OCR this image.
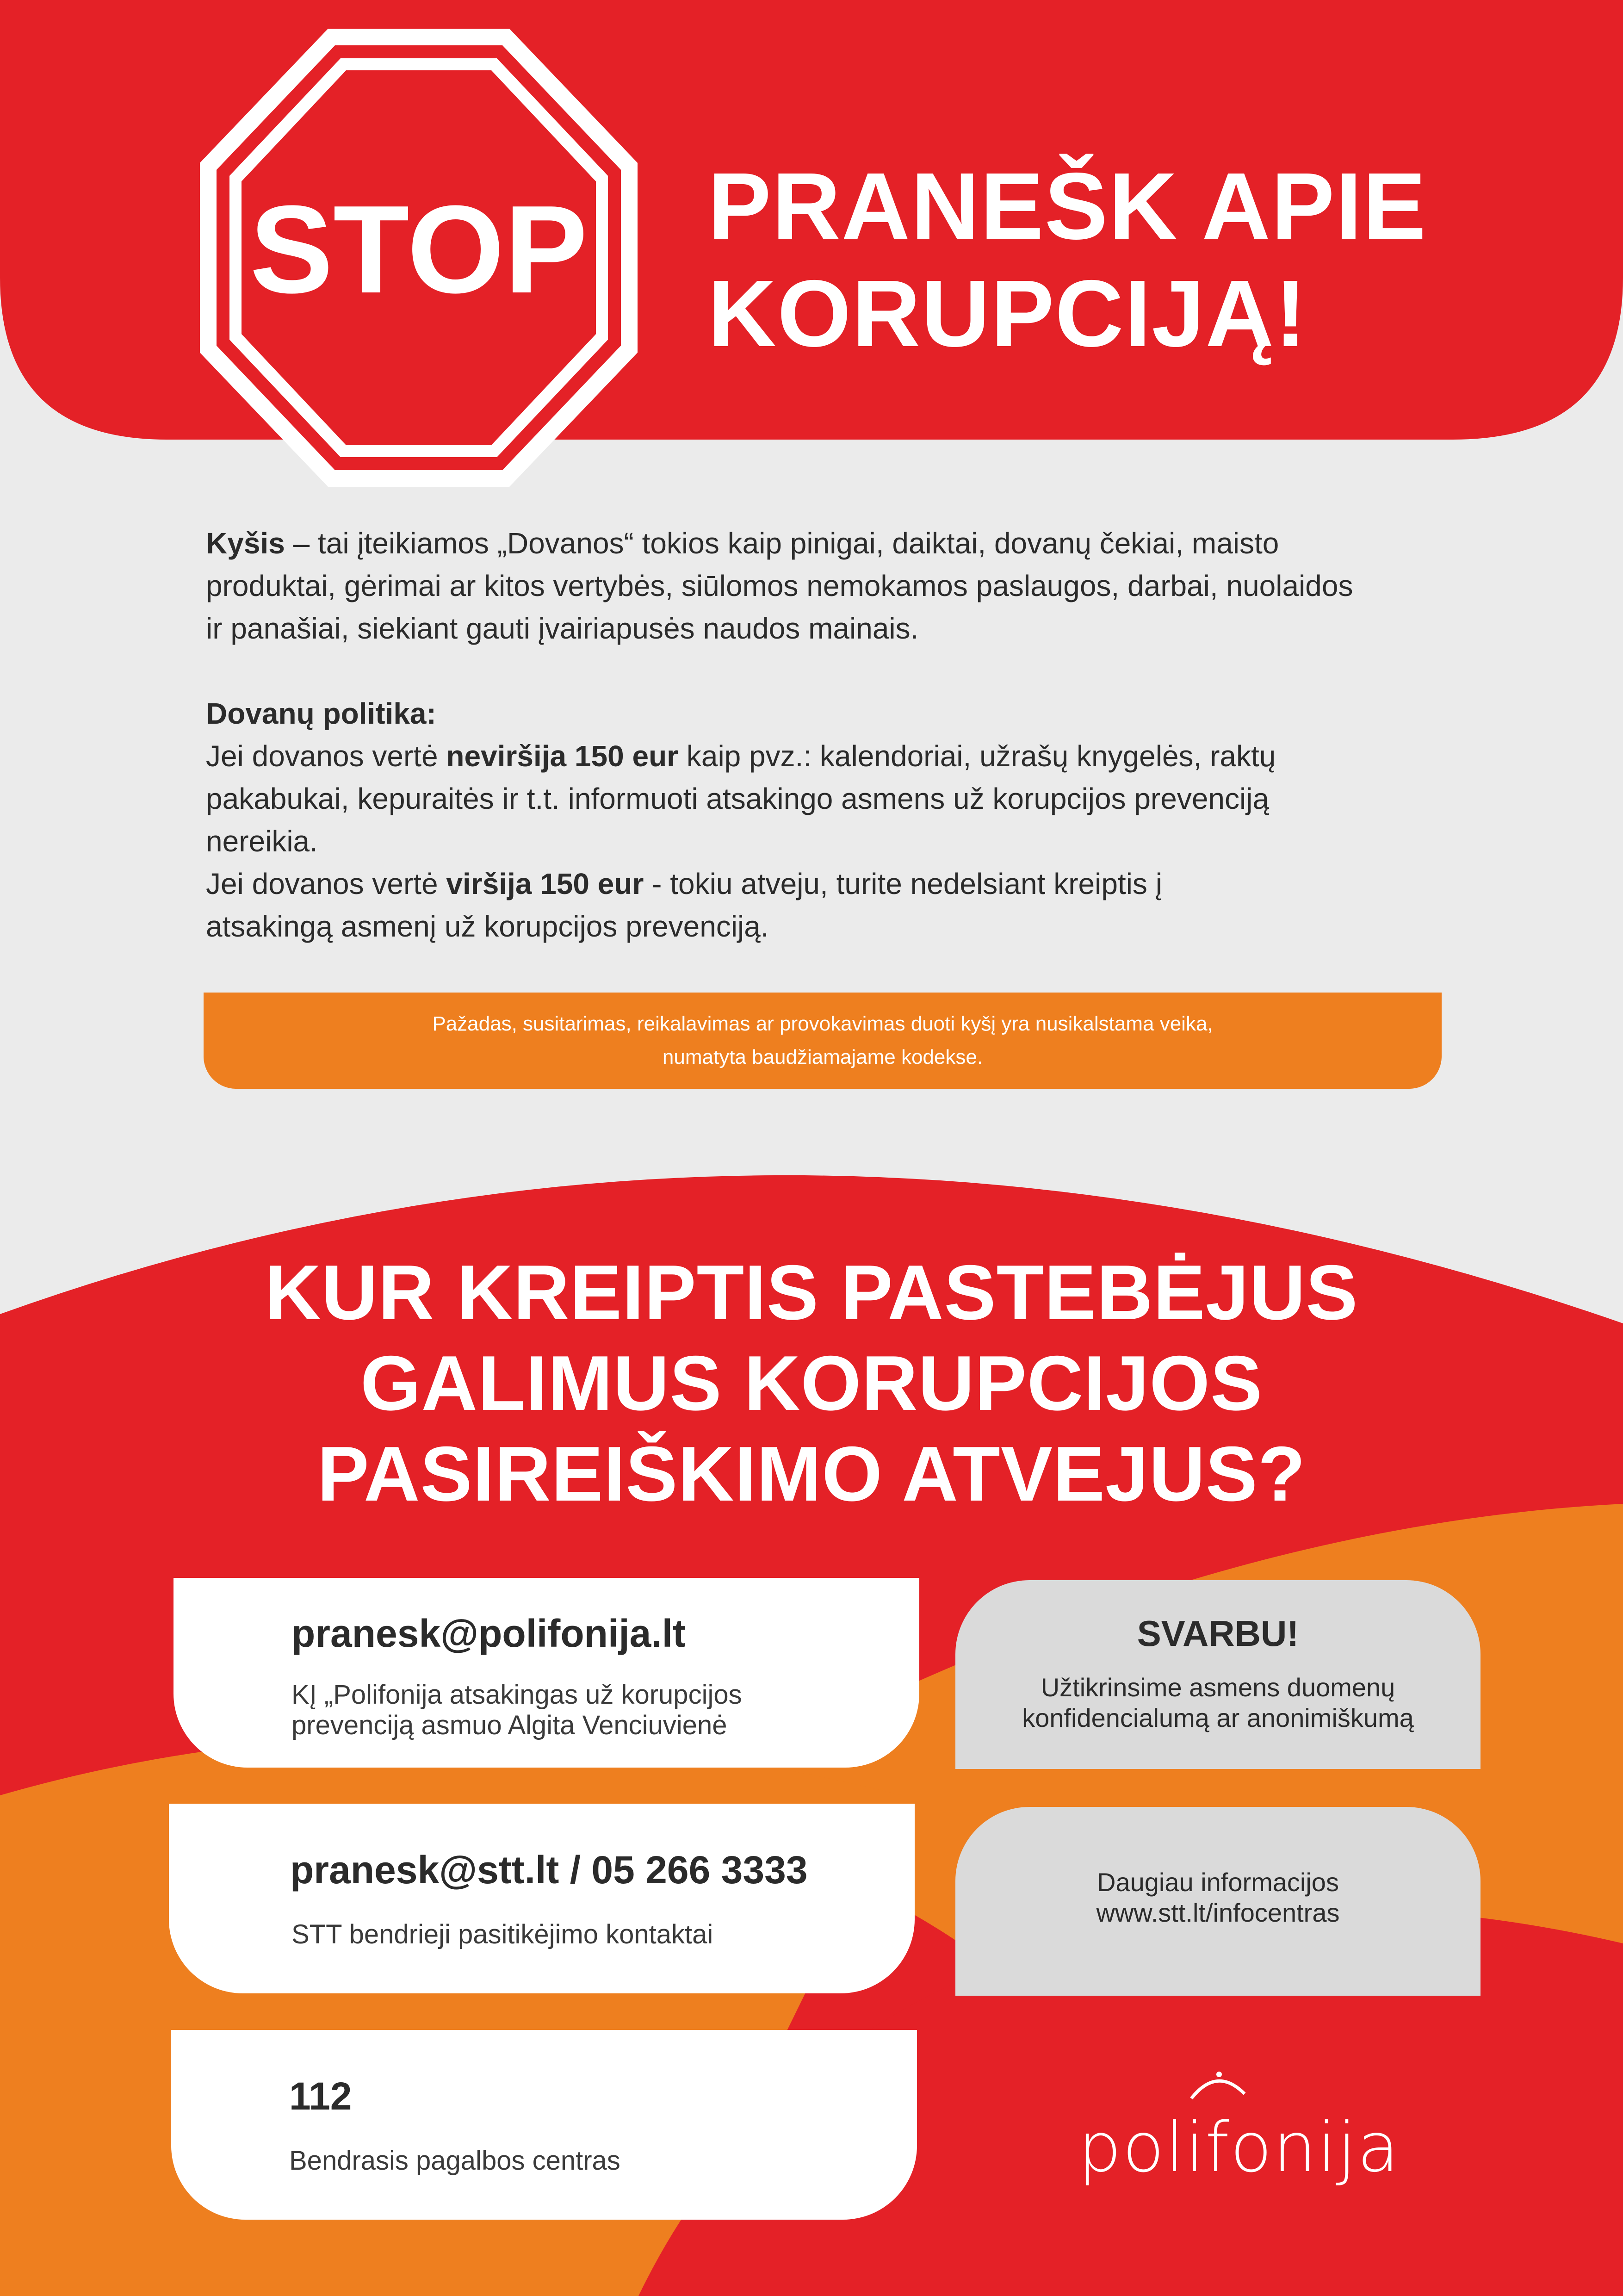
STOP PRANEŠK APIE
KORUPCIJĄ!

Kyšis – tai įteikiamos „Dovanos“ tokios kaip pinigai, daiktai, dovanų čekiai, maisto

produktai, gėrimai ar kitos vertybės, siūlomos nemokamos paslaugos, darbai, nuolaidos

ir panašiai, siekiant gauti įvairiapusės naudos mainais.

Dovanų politika:

Jei dovanos vertė neviršija 150 eur kaip pvz.: kalendoriai, užrašų knygelės, raktų

pakabukai, kepuraitės ir t.t. informuoti atsakingo asmens už korupcijos prevenciją

nereikia.

Jei dovanos vertė viršija 150 eur - tokiu atveju, turite nedelsiant kreiptis į

atsakingą asmenį už korupcijos prevenciją.

Pažadas, susitarimas, reikalavimas ar provokavimas duoti kyšį yra nusikalstama veika,
numatyta baudžiamajame kodekse.
KUR KREIPTIS PASTEBĖJUS
GALIMUS KORUPCIJOS
PASIREIŠKIMO ATVEJUS?
pranesk@polifonija.lt
KĮ „Polifonija atsakingas už korupcijos
prevenciją asmuo Algita Venciuvienė
pranesk@stt.lt / 05 266 3333
STT bendrieji pasitikėjimo kontaktai
112
Bendrasis pagalbos centras
SVARBU!
Užtikrinsime asmens duomenų
konfidencialumą ar anonimiškumą
Daugiau informacijos
www.stt.lt/infocentras
polifonija
